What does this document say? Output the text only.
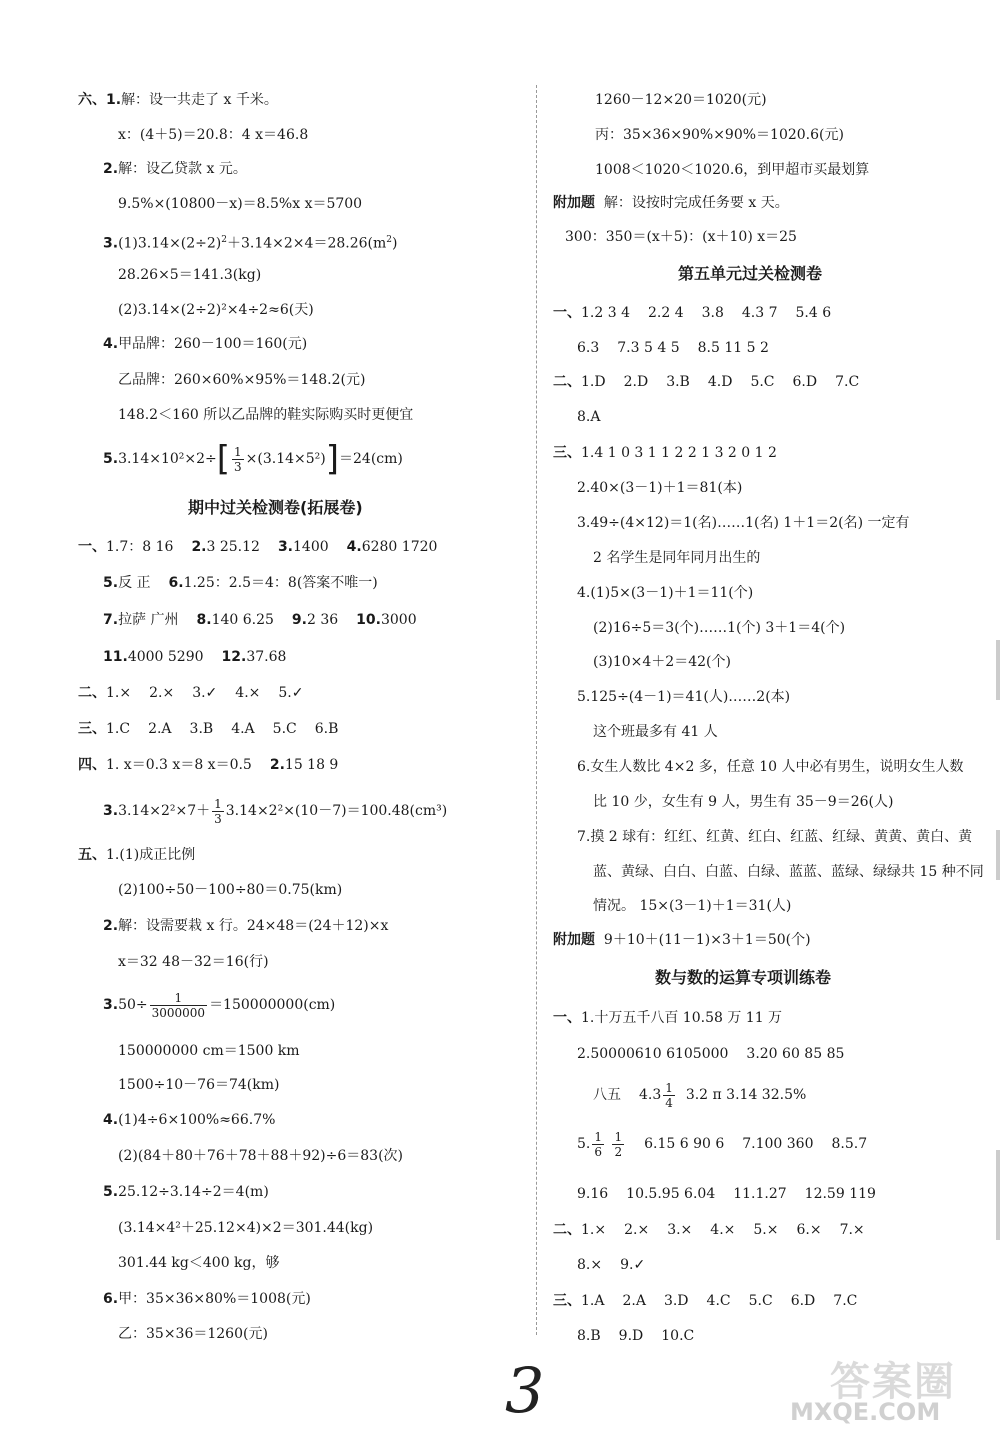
六、1.解：设一共走了 x 千米。
x：(4＋5)＝20.8：4 x＝46.8
2.解：设乙贷款 x 元。
9.5%×(10800－x)＝8.5%x x＝5700
$3.(1)3.14\times(2\div 2)^2+3.14\times 2\times 4=28.26(m^2)$
28.26×5＝141.3(kg)
(2)3.14×(2÷2)²×4÷2≈6(天)
4.甲品牌：260－100＝160(元)
乙品牌：260×60%×95%＝148.2(元)
148.2＜160 所以乙品牌的鞋实际购买时更便宜
$5.3.14\times 10^2\times 2\div[ \frac{1}{3} \times(3.14\times 5^2)]=24(cm)$
期中过关检测卷(拓展卷)
一、1.7：8 16 2.3 25.12 3.1400 4.6280 1720
5.反 正 6.1.25：2.5＝4：8(答案不唯一)
7.拉萨 广州 8.140 6.25 9.2 36 10.3000
11.4000 5290 12.37.68
二、1.× 2.× 3.✓ 4.× 5.✓
三、1.C 2.A 3.B 4.A 5.C 6.B
四、1. x＝0.3 x＝8 x＝0.5 2.15 18 9
$3.3.14\times 2^2\times 7+ \frac{1}{3} 3.14\times 2^2\times(10-7)=100.48(cm^3)$
五、1.(1)成正比例
(2)100÷50－100÷80＝0.75(km)
2.解：设需要栽 x 行。24×48＝(24＋12)×x
x＝32 48－32＝16(行)
$3.50\div \frac{1}{3000000} =150000000(cm)$
150000000 cm＝1500 km
1500÷10－76＝74(km)
4.(1)4÷6×100%≈66.7%
(2)(84＋80＋76＋78＋88＋92)÷6＝83(次)
5.25.12÷3.14÷2＝4(m)
(3.14×4²＋25.12×4)×2＝301.44(kg)
301.44 kg＜400 kg，够
6.甲：35×36×80%＝1008(元)
乙：35×36＝1260(元)
1260－12×20＝1020(元)
丙：35×36×90%×90%＝1020.6(元)
1008＜1020＜1020.6，到甲超市买最划算
附加题 解：设按时完成任务要 x 天。
300：350＝(x＋5)：(x＋10) x＝25
第五单元过关检测卷
一、1.2 3 4 2.2 4 3.8 4.3 7 5.4 6
6.3 7.3 5 4 5 8.5 11 5 2
二、1.D 2.D 3.B 4.D 5.C 6.D 7.C
8.A
三、1.4 1 0 3 1 1 2 2 1 3 2 0 1 2
2.40×(3－1)＋1＝81(本)
3.49÷(4×12)＝1(名)……1(名) 1＋1＝2(名) 一定有
2 名学生是同年同月出生的
4.(1)5×(3－1)＋1＝11(个)
(2)16÷5＝3(个)……1(个) 3＋1＝4(个)
(3)10×4＋2＝42(个)
5.125÷(4－1)＝41(人)……2(本)
这个班最多有 41 人
6.女生人数比 4×2 多，任意 10 人中必有男生，说明女生人数
比 10 少，女生有 9 人，男生有 35－9＝26(人)
7.摸 2 球有：红红、红黄、红白、红蓝、红绿、黄黄、黄白、黄
蓝、黄绿、白白、白蓝、白绿、蓝蓝、蓝绿、绿绿共 15 种不同
情况。 15×(3－1)＋1＝31(人)
附加题 9＋10＋(11－1)×3＋1＝50(个)
数与数的运算专项训练卷
一、1.十万五千八百 10.58 万 11 万
2.50000610 6105000 3.20 60 85 85
八五 $4.3 \frac{1}{4} 3.2$ π 3.14 32.5%
5. $\frac{1}{6}$
$\frac{1}{2} 6.15$ 6 90 6 7.100 360 8.5.7
9.16 10.5.95 6.04 11.1.27 12.59 119
二、1.× 2.× 3.× 4.× 5.× 6.× 7.×
8.× 9.✓
三、1.A 2.A 3.D 4.C 5.C 6.D 7.C
8.B 9.D 10.C
3	答案圈
MXQE.COM
